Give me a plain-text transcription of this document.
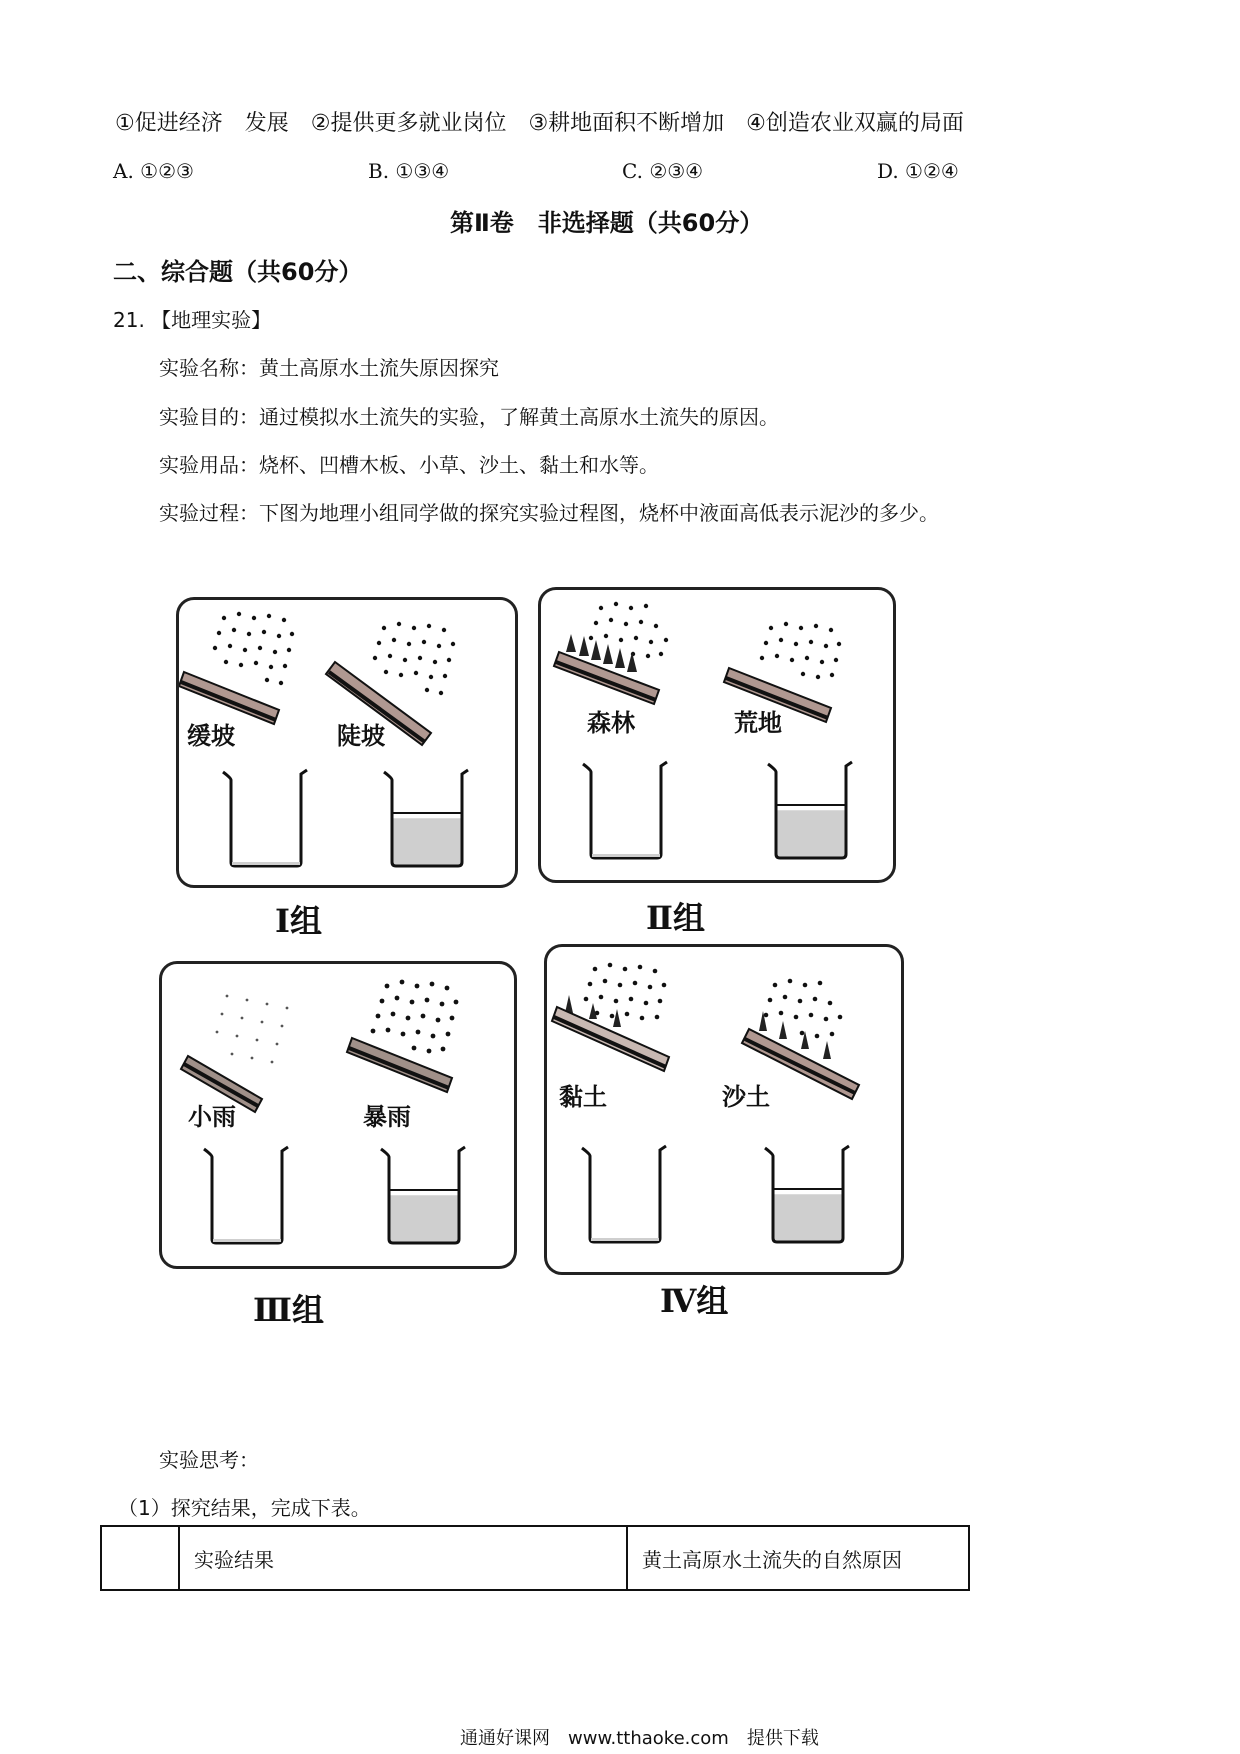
①促进经济　发展　②提供更多就业岗位　③耕地面积不断增加　④创造农业双赢的局面
A. ①②③	B. ①③④	C. ②③④	D. ①②④
第Ⅱ卷　非选择题（共60分）
二、综合题（共60分）
21. 【地理实验】
实验名称：黄土高原水土流失原因探究
实验目的：通过模拟水土流失的实验，了解黄土高原水土流失的原因。
实验用品：烧杯、凹槽木板、小草、沙土、黏土和水等。
实验过程：下图为地理小组同学做的探究实验过程图，烧杯中液面高低表示泥沙的多少。
缓坡	陡坡
Ⅰ组
森林	荒地
Ⅱ组
小雨	暴雨
Ⅲ组
黏土	沙土
Ⅳ组
实验思考：
（1）探究结果，完成下表。
	实验结果	黄土高原水土流失的自然原因
通通好课网　www.tthaoke.com　提供下载
